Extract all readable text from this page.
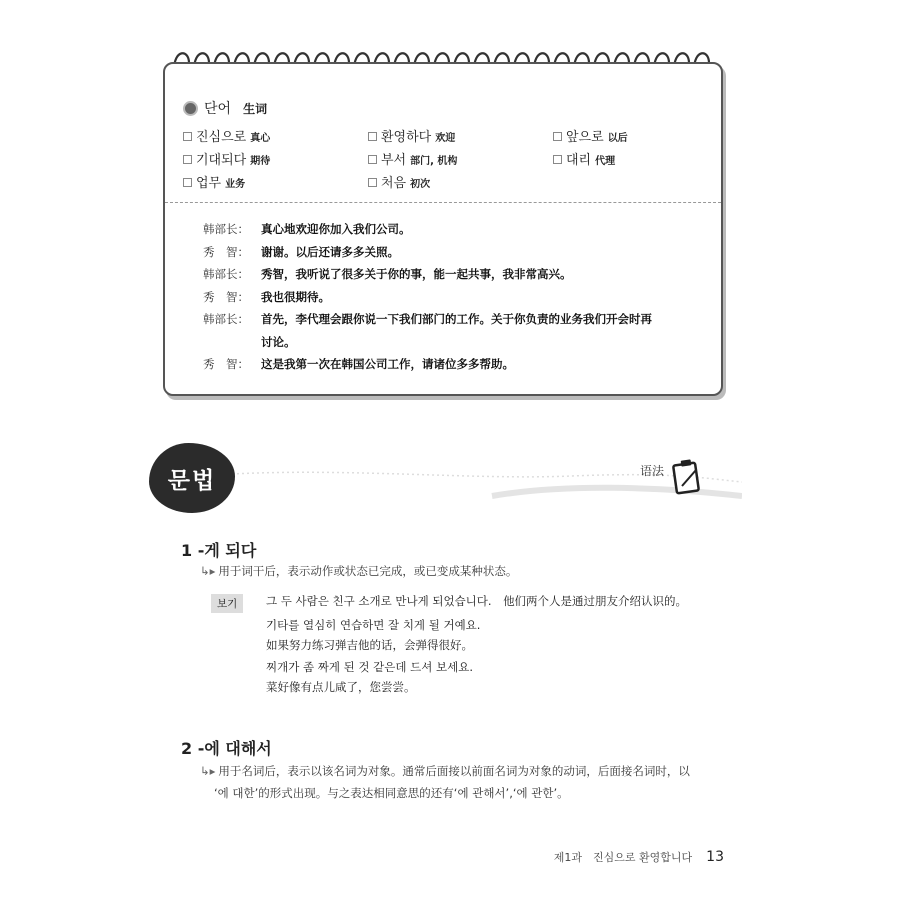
단어 生词
진심으로 真心	환영하다 欢迎	앞으로 以后
기대되다 期待	부서 部门, 机构	대리 代理
업무 业务	처음 初次
韩部长：	真心地欢迎你加入我们公司。
秀　智：	谢谢。以后还请多多关照。
韩部长：	秀智，我听说了很多关于你的事，能一起共事，我非常高兴。
秀　智：	我也很期待。
韩部长：	首先，李代理会跟你说一下我们部门的工作。关于你负责的业务我们开会时再
讨论。
秀　智：	这是我第一次在韩国公司工作，请诸位多多帮助。
문법	语法
1 -게 되다
↳▸ 用于词干后，表示动作或状态已完成，或已变成某种状态。
보기	그 두 사람은 친구 소개로 만나게 되었습니다.　 他们两个人是通过朋友介绍认识的。
기타를 열심히 연습하면 잘 치게 될 거예요.
如果努力练习弹吉他的话，会弹得很好。
찌개가 좀 짜게 된 것 같은데 드셔 보세요.
菜好像有点儿咸了，您尝尝。
2 -에 대해서
↳▸ 用于名词后，表示以该名词为对象。通常后面接以前面名词为对象的动词，后面接名词时，以
‘에 대한’的形式出现。与之表达相同意思的还有‘에 관해서’,‘에 관한’。
제1과　진심으로 환영합니다 13
